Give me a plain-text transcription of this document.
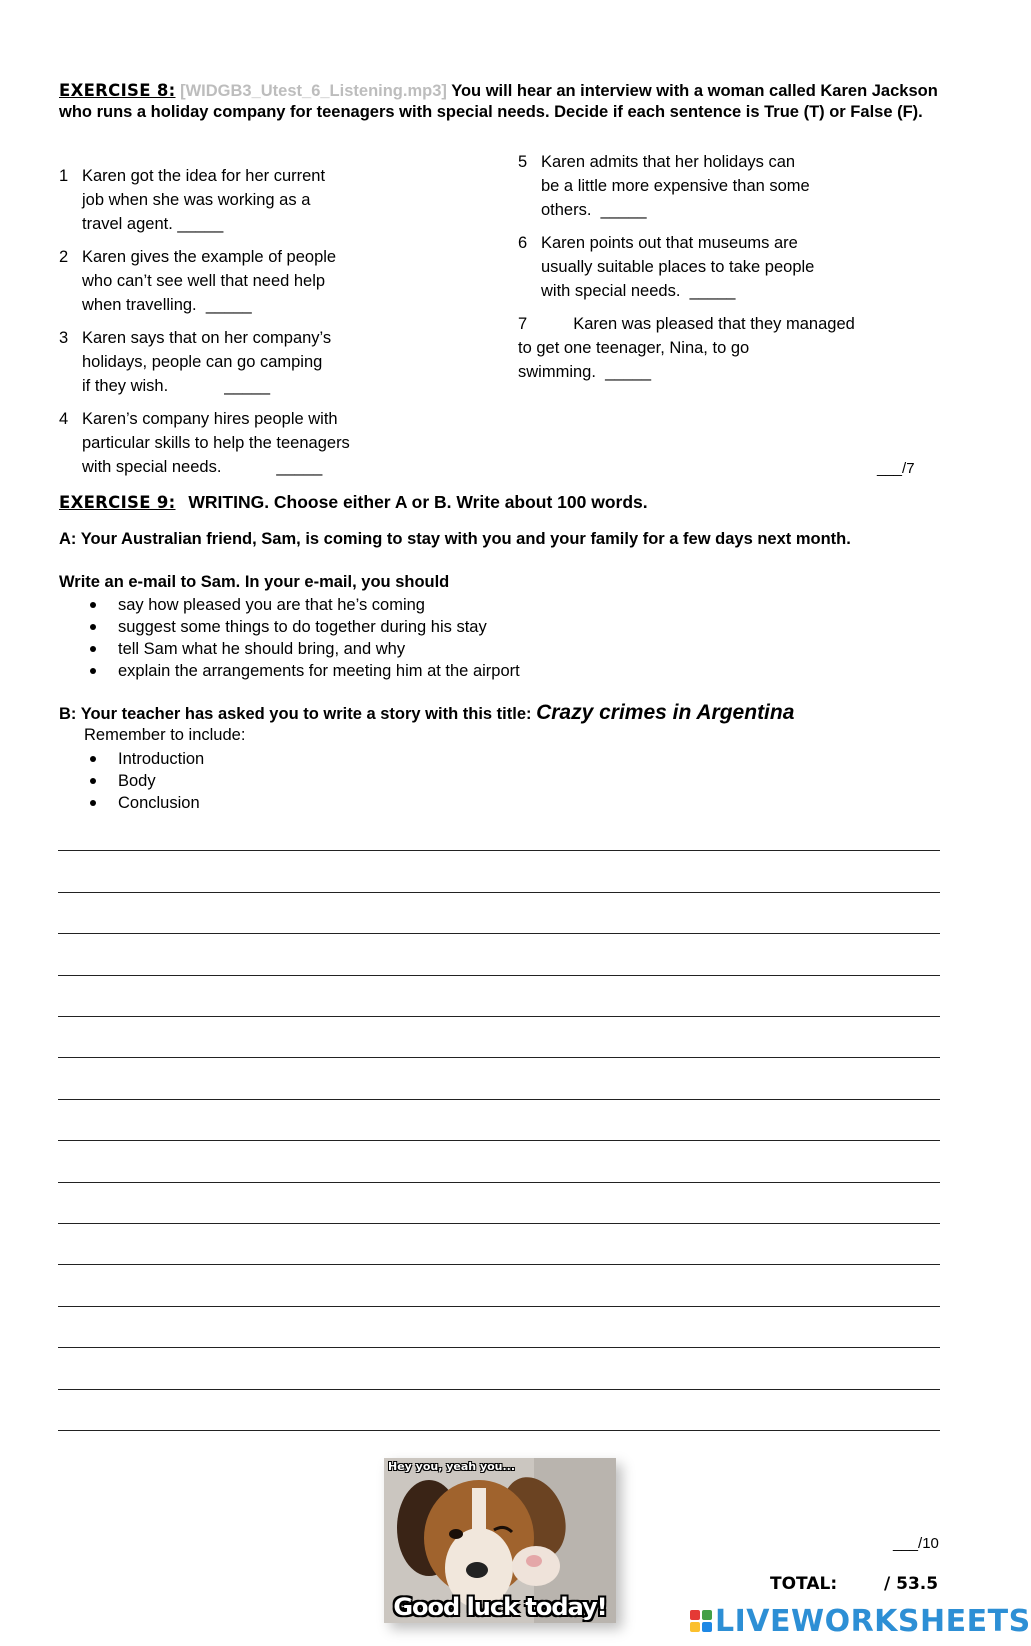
EXERCISE 8: [WIDGB3_Utest_6_Listening.mp3] You will hear an interview with a woman called Karen Jackson who runs a holiday company for teenagers with special needs. Decide if each sentence is True (T) or False (F).
1 Karen got the idea for her current
job when she was working as a
travel agent. _____
2 Karen gives the example of people
who can’t see well that need help
when travelling. _____
3 Karen says that on her company’s
holidays, people can go camping
if they wish.	_____
4 Karen’s company hires people with
particular skills to help the teenagers
with special needs.	_____
5 Karen admits that her holidays can
be a little more expensive than some
others. _____
6 Karen points out that museums are
usually suitable places to take people
with special needs. _____
7	Karen was pleased that they managed
to get one teenager, Nina, to go
swimming. _____
___/7
EXERCISE 9: WRITING. Choose either A or B. Write about 100 words.
A: Your Australian friend, Sam, is coming to stay with you and your family for a few days next month.
Write an e-mail to Sam. In your e-mail, you should
say how pleased you are that he’s coming
suggest some things to do together during his stay
tell Sam what he should bring, and why
explain the arrangements for meeting him at the airport
B: Your teacher has asked you to write a story with this title: Crazy crimes in Argentina
Remember to include:
Introduction
Body
Conclusion
Hey you, yeah you...
Good luck today!
___/10
TOTAL:	/ 53.5
LIVEWORKSHEETS
